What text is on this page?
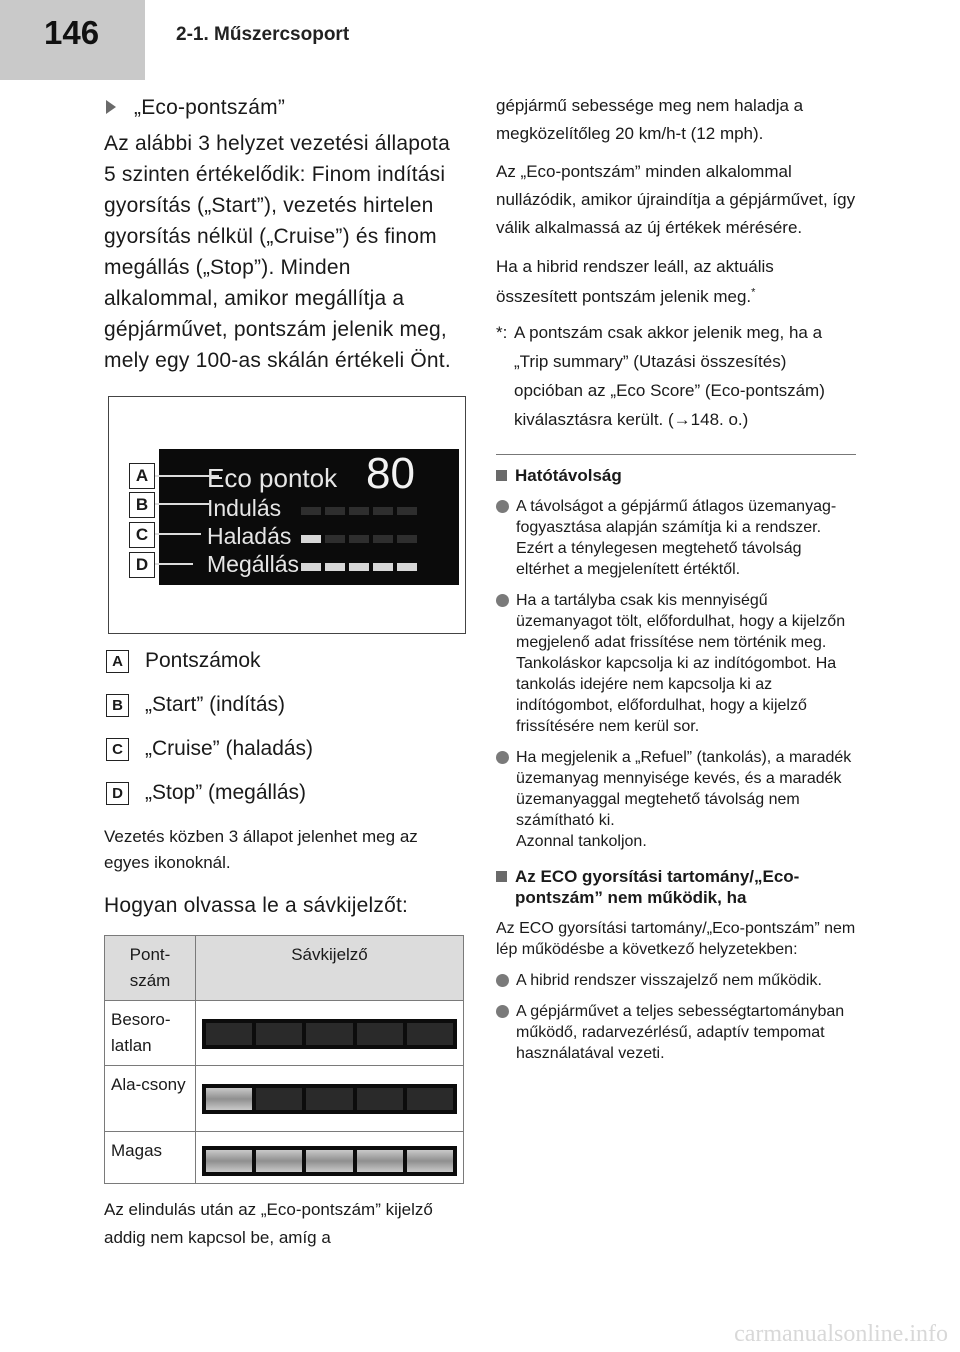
146	2-1. Műszercsoport
„Eco-pontszám”

Az alábbi 3 helyzet vezetési állapota 5 szinten értékelődik: Finom indítási gyorsítás („Start”), vezetés hirtelen gyorsítás nélkül („Cruise”) és finom megállás („Stop”). Minden alkalommal, amikor megállítja a gépjárművet, pontszám jelenik meg, mely egy 100-as skálán értékeli Önt.

Eco pontok 80
Indulás
Haladás
Megállás
A
B
C
D
A Pontszámok
B „Start” (indítás)
C „Cruise” (haladás)
D „Stop” (megállás)

Vezetés közben 3 állapot jelenhet meg az egyes ikonoknál.

Hogyan olvassa le a sávkijelzőt:

Pont-szám	Sávkijelző
Besoro-latlan	

Ala-csony	

Magas	

Az elindulás után az „Eco-pontszám” kijelző addig nem kapcsol be, amíg a

gépjármű sebessége meg nem haladja a megközelítőleg 20 km/h-t (12 mph).

Az „Eco-pontszám” minden alkalommal nullázódik, amikor újraindítja a gépjárművet, így válik alkalmassá az új értékek mérésére.

Ha a hibrid rendszer leáll, az aktuális összesített pontszám jelenik meg.*

*: A pontszám csak akkor jelenik meg, ha a „Trip summary” (Utazási összesítés) opcióban az „Eco Score” (Eco-pontszám) kiválasztásra került. (→148. o.)
Hatótávolság
A távolságot a gépjármű átlagos üzemanyag-fogyasztása alapján számítja ki a rendszer. Ezért a ténylegesen megtehető távolság eltérhet a megjelenített értéktől.
Ha a tartályba csak kis mennyiségű üzemanyagot tölt, előfordulhat, hogy a kijelzőn megjelenő adat frissítése nem történik meg. Tankoláskor kapcsolja ki az indítógombot. Ha tankolás idejére nem kapcsolja ki az indítógombot, előfordulhat, hogy a kijelző frissítésére nem kerül sor.
Ha megjelenik a „Refuel” (tankolás), a maradék üzemanyag mennyisége kevés, és a maradék üzemanyaggal megtehető távolság nem számítható ki.
Azonnal tankoljon.
Az ECO gyorsítási tartomány/„Eco-pontszám” nem működik, ha

Az ECO gyorsítási tartomány/„Eco-pontszám” nem lép működésbe a következő helyzetekben:

A hibrid rendszer visszajelző nem működik.
A gépjárművet a teljes sebességtartományban működő, radarvezérlésű, adaptív tempomat használatával vezeti.
carmanualsonline.info
